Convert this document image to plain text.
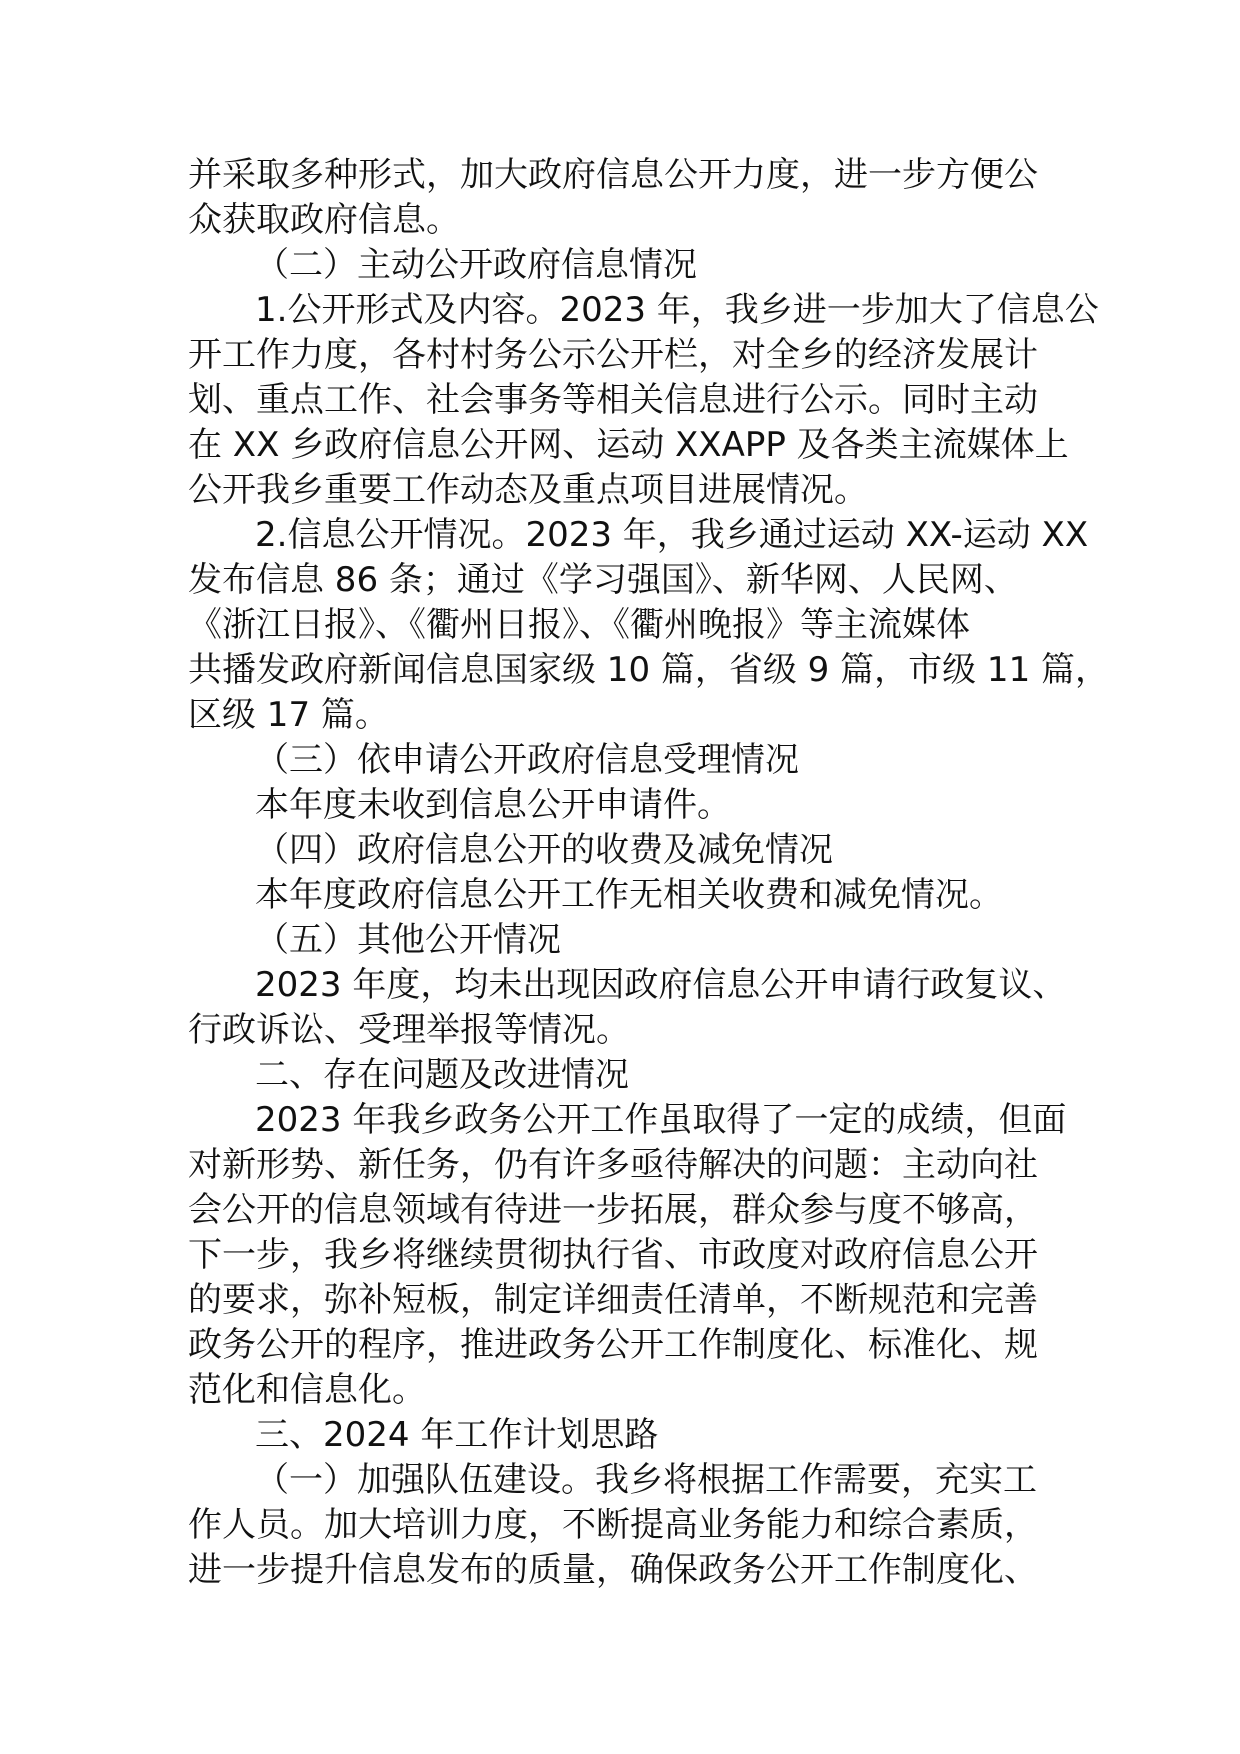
并采取多种形式，加大政府信息公开力度，进一步方便公
众获取政府信息。
（二）主动公开政府信息情况
1.公开形式及内容。2023 年，我乡进一步加大了信息公
开工作力度，各村村务公示公开栏，对全乡的经济发展计
划、重点工作、社会事务等相关信息进行公示。同时主动
在 XX 乡政府信息公开网、运动 XXAPP 及各类主流媒体上
公开我乡重要工作动态及重点项目进展情况。
2.信息公开情况。2023 年，我乡通过运动 XX-运动 XX
发布信息 86 条；通过《学习强国》、新华网、人民网、
《浙江日报》、《衢州日报》、《衢州晚报》等主流媒体
共播发政府新闻信息国家级 10 篇，省级 9 篇，市级 11 篇，
区级 17 篇。
（三）依申请公开政府信息受理情况
本年度未收到信息公开申请件。
（四）政府信息公开的收费及减免情况
本年度政府信息公开工作无相关收费和减免情况。
（五）其他公开情况
2023 年度，均未出现因政府信息公开申请行政复议、
行政诉讼、受理举报等情况。
二、存在问题及改进情况
2023 年我乡政务公开工作虽取得了一定的成绩，但面
对新形势、新任务，仍有许多亟待解决的问题：主动向社
会公开的信息领域有待进一步拓展，群众参与度不够高，
下一步，我乡将继续贯彻执行省、市政度对政府信息公开
的要求，弥补短板，制定详细责任清单，不断规范和完善
政务公开的程序，推进政务公开工作制度化、标准化、规
范化和信息化。
三、2024 年工作计划思路
（一）加强队伍建设。我乡将根据工作需要，充实工
作人员。加大培训力度，不断提高业务能力和综合素质，
进一步提升信息发布的质量，确保政务公开工作制度化、
